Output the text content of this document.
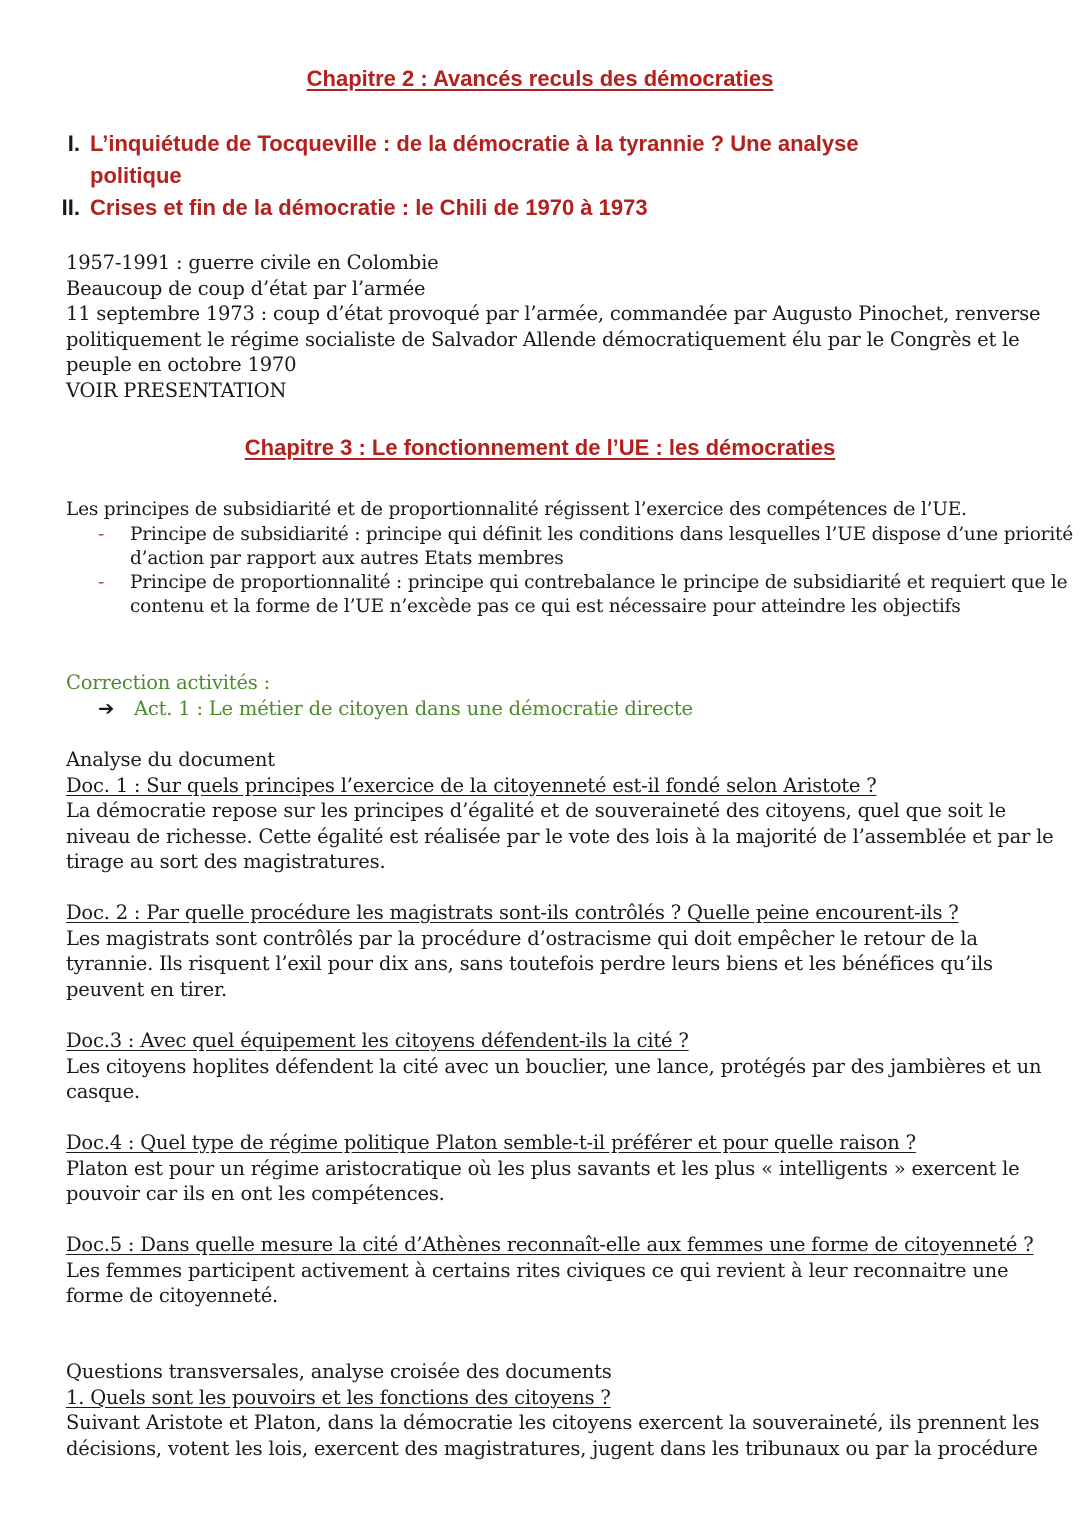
Chapitre 2 : Avancés reculs des démocraties
I. L’inquiétude de Tocqueville : de la démocratie à la tyrannie ? Une analyse
politique
II. Crises et fin de la démocratie : le Chili de 1970 à 1973
1957-1991 : guerre civile en Colombie
Beaucoup de coup d’état par l’armée
11 septembre 1973 : coup d’état provoqué par l’armée, commandée par Augusto Pinochet, renverse
politiquement le régime socialiste de Salvador Allende démocratiquement élu par le Congrès et le
peuple en octobre 1970
VOIR PRESENTATION
Chapitre 3 : Le fonctionnement de l’UE : les démocraties
Les principes de subsidiarité et de proportionnalité régissent l’exercice des compétences de l’UE.
- Principe de subsidiarité : principe qui définit les conditions dans lesquelles l’UE dispose d’une priorité
d’action par rapport aux autres Etats membres
- Principe de proportionnalité : principe qui contrebalance le principe de subsidiarité et requiert que le
contenu et la forme de l’UE n’excède pas ce qui est nécessaire pour atteindre les objectifs
Correction activités :
➔ Act. 1 : Le métier de citoyen dans une démocratie directe
Analyse du document
Doc. 1 : Sur quels principes l’exercice de la citoyenneté est-il fondé selon Aristote ?
La démocratie repose sur les principes d’égalité et de souveraineté des citoyens, quel que soit le
niveau de richesse. Cette égalité est réalisée par le vote des lois à la majorité de l’assemblée et par le
tirage au sort des magistratures.
Doc. 2 : Par quelle procédure les magistrats sont-ils contrôlés ? Quelle peine encourent-ils ?
Les magistrats sont contrôlés par la procédure d’ostracisme qui doit empêcher le retour de la
tyrannie. Ils risquent l’exil pour dix ans, sans toutefois perdre leurs biens et les bénéfices qu’ils
peuvent en tirer.
Doc.3 : Avec quel équipement les citoyens défendent-ils la cité ?
Les citoyens hoplites défendent la cité avec un bouclier, une lance, protégés par des jambières et un
casque.
Doc.4 : Quel type de régime politique Platon semble-t-il préférer et pour quelle raison ?
Platon est pour un régime aristocratique où les plus savants et les plus « intelligents » exercent le
pouvoir car ils en ont les compétences.
Doc.5 : Dans quelle mesure la cité d’Athènes reconnaît-elle aux femmes une forme de citoyenneté ?
Les femmes participent activement à certains rites civiques ce qui revient à leur reconnaitre une
forme de citoyenneté.
Questions transversales, analyse croisée des documents
1. Quels sont les pouvoirs et les fonctions des citoyens ?
Suivant Aristote et Platon, dans la démocratie les citoyens exercent la souveraineté, ils prennent les
décisions, votent les lois, exercent des magistratures, jugent dans les tribunaux ou par la procédure
